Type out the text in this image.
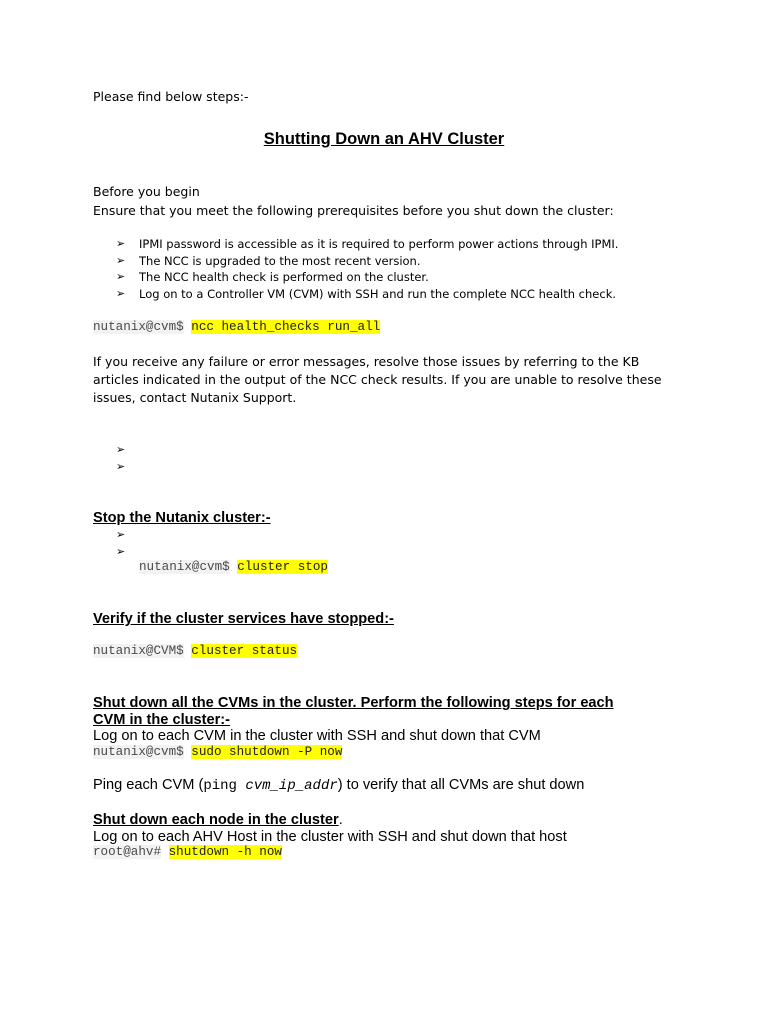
Please find below steps:-
Shutting Down an AHV Cluster
Before you begin
Ensure that you meet the following prerequisites before you shut down the cluster:
➢ IPMI password is accessible as it is required to perform power actions through IPMI.
➢ The NCC is upgraded to the most recent version.
➢ The NCC health check is performed on the cluster.
➢ Log on to a Controller VM (CVM) with SSH and run the complete NCC health check.
nutanix@cvm$ ncc health_checks run_all
If you receive any failure or error messages, resolve those issues by referring to the KB
articles indicated in the output of the NCC check results. If you are unable to resolve these
issues, contact Nutanix Support.
➢
➢
Stop the Nutanix cluster:-
➢
➢
nutanix@cvm$ cluster stop
Verify if the cluster services have stopped:-
nutanix@CVM$ cluster status
Shut down all the CVMs in the cluster. Perform the following steps for each
CVM in the cluster:-
Log on to each CVM in the cluster with SSH and shut down that CVM
nutanix@cvm$ sudo shutdown -P now
Ping each CVM (ping cvm_ip_addr) to verify that all CVMs are shut down
Shut down each node in the cluster.
Log on to each AHV Host in the cluster with SSH and shut down that host
root@ahv# shutdown -h now
